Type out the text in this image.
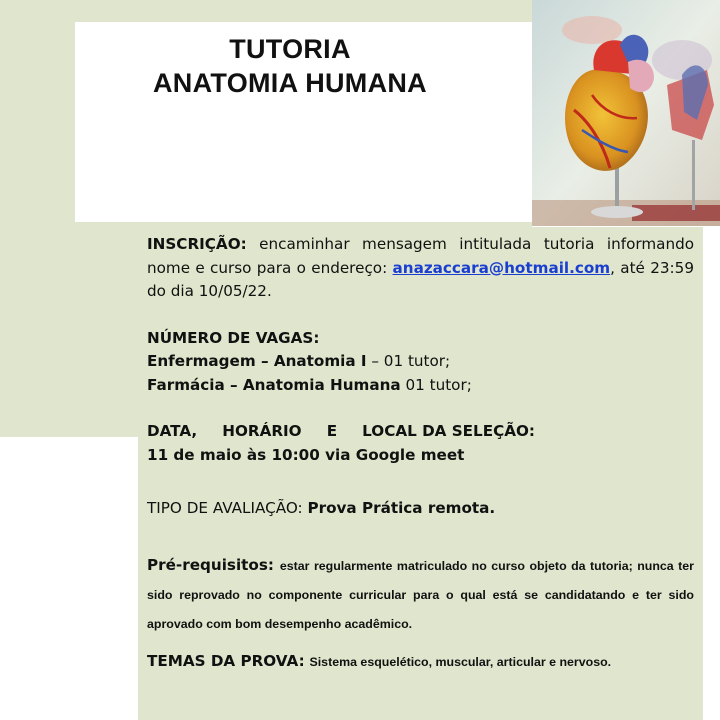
TUTORIA
ANATOMIA HUMANA

INSCRIÇÃO: encaminhar mensagem intitulada tutoria informando nome e curso para o endereço: anazaccara@hotmail.com, até 23:59 do dia 10/05/22.

NÚMERO DE VAGAS:
Enfermagem – Anatomia I – 01 tutor;
Farmácia – Anatomia Humana 01 tutor;
DATA, HORÁRIO E LOCAL DA SELEÇÃO:
11 de maio às 10:00 via Google meet
TIPO DE AVALIAÇÃO: Prova Prática remota.

Pré-requisitos: estar regularmente matriculado no curso objeto da tutoria; nunca ter sido reprovado no componente curricular para o qual está se candidatando e ter sido aprovado com bom desempenho acadêmico.

TEMAS DA PROVA: Sistema esquelético, muscular, articular e nervoso.
